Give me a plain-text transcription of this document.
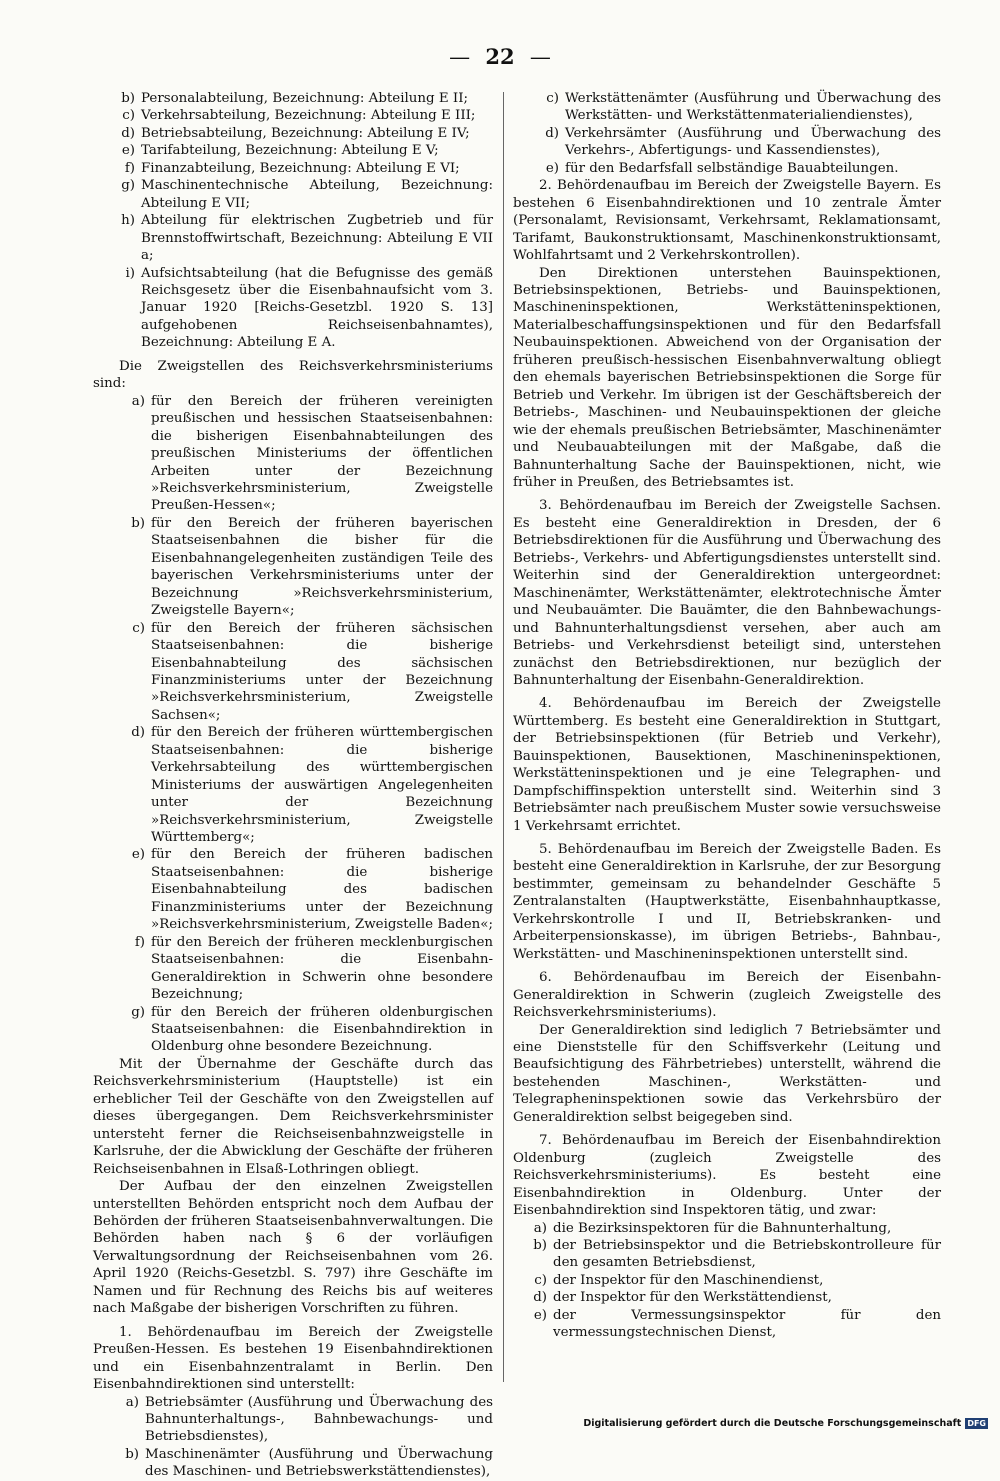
— 22 —
b) Personalabteilung, Bezeichnung: Abteilung E II;
c) Verkehrsabteilung, Bezeichnung: Abteilung E III;
d) Betriebsabteilung, Bezeichnung: Abteilung E IV;
e) Tarifabteilung, Bezeichnung: Abteilung E V;
f) Finanzabteilung, Bezeichnung: Abteilung E VI;
g) Maschinentechnische Abteilung, Bezeichnung: Abteilung E VII;
h) Abteilung für elektrischen Zugbetrieb und für Brennstoffwirtschaft, Bezeichnung: Abteilung E VII a;
i) Aufsichtsabteilung (hat die Befugnisse des gemäß Reichsgesetz über die Eisenbahnaufsicht vom 3. Januar 1920 [Reichs-Gesetzbl. 1920 S. 13] aufgehobenen Reichseisenbahnamtes), Bezeichnung: Abteilung E A.

Die Zweigstellen des Reichsverkehrsministeriums sind:

a) für den Bereich der früheren vereinigten preußischen und hessischen Staatseisenbahnen: die bisherigen Eisenbahnabteilungen des preußischen Ministeriums der öffentlichen Arbeiten unter der Bezeichnung »Reichsverkehrsministerium, Zweigstelle Preußen-Hessen«;
b) für den Bereich der früheren bayerischen Staatseisenbahnen die bisher für die Eisenbahnangelegenheiten zuständigen Teile des bayerischen Verkehrsministeriums unter der Bezeichnung »Reichsverkehrsministerium, Zweigstelle Bayern«;
c) für den Bereich der früheren sächsischen Staatseisenbahnen: die bisherige Eisenbahnabteilung des sächsischen Finanzministeriums unter der Bezeichnung »Reichsverkehrsministerium, Zweigstelle Sachsen«;
d) für den Bereich der früheren württembergischen Staatseisenbahnen: die bisherige Verkehrsabteilung des württembergischen Ministeriums der auswärtigen Angelegenheiten unter der Bezeichnung »Reichsverkehrsministerium, Zweigstelle Württemberg«;
e) für den Bereich der früheren badischen Staatseisenbahnen: die bisherige Eisenbahnabteilung des badischen Finanzministeriums unter der Bezeichnung »Reichsverkehrsministerium, Zweigstelle Baden«;
f) für den Bereich der früheren mecklenburgischen Staatseisenbahnen: die Eisenbahn-Generaldirektion in Schwerin ohne besondere Bezeichnung;
g) für den Bereich der früheren oldenburgischen Staatseisenbahnen: die Eisenbahndirektion in Oldenburg ohne besondere Bezeichnung.

Mit der Übernahme der Geschäfte durch das Reichsverkehrsministerium (Hauptstelle) ist ein erheblicher Teil der Geschäfte von den Zweigstellen auf dieses übergegangen. Dem Reichsverkehrsminister untersteht ferner die Reichseisenbahnzweigstelle in Karlsruhe, der die Abwicklung der Geschäfte der früheren Reichseisenbahnen in Elsaß-Lothringen obliegt.

Der Aufbau der den einzelnen Zweigstellen unterstellten Behörden entspricht noch dem Aufbau der Behörden der früheren Staatseisenbahnverwaltungen. Die Behörden haben nach § 6 der vorläufigen Verwaltungsordnung der Reichseisenbahnen vom 26. April 1920 (Reichs-Gesetzbl. S. 797) ihre Geschäfte im Namen und für Rechnung des Reichs bis auf weiteres nach Maßgabe der bisherigen Vorschriften zu führen.

1. Behördenaufbau im Bereich der Zweigstelle Preußen-Hessen. Es bestehen 19 Eisenbahndirektionen und ein Eisenbahnzentralamt in Berlin. Den Eisenbahndirektionen sind unterstellt:

a) Betriebsämter (Ausführung und Überwachung des Bahnunterhaltungs-, Bahnbewachungs- und Betriebsdienstes),
b) Maschinenämter (Ausführung und Überwachung des Maschinen- und Betriebswerkstättendienstes),
c) Werkstättenämter (Ausführung und Überwachung des Werkstätten- und Werkstättenmaterialiendienstes),
d) Verkehrsämter (Ausführung und Überwachung des Verkehrs-, Abfertigungs- und Kassendienstes),
e) für den Bedarfsfall selbständige Bauabteilungen.

2. Behördenaufbau im Bereich der Zweigstelle Bayern. Es bestehen 6 Eisenbahndirektionen und 10 zentrale Ämter (Personalamt, Revisionsamt, Verkehrsamt, Reklamationsamt, Tarifamt, Baukonstruktionsamt, Maschinenkonstruktionsamt, Wohlfahrtsamt und 2 Verkehrskontrollen).

Den Direktionen unterstehen Bauinspektionen, Betriebsinspektionen, Betriebs- und Bauinspektionen, Maschineninspektionen, Werkstätteninspektionen, Materialbeschaffungsinspektionen und für den Bedarfsfall Neubauinspektionen. Abweichend von der Organisation der früheren preußisch-hessischen Eisenbahnverwaltung obliegt den ehemals bayerischen Betriebsinspektionen die Sorge für Betrieb und Verkehr. Im übrigen ist der Geschäftsbereich der Betriebs-, Maschinen- und Neubauinspektionen der gleiche wie der ehemals preußischen Betriebsämter, Maschinenämter und Neubauabteilungen mit der Maßgabe, daß die Bahnunterhaltung Sache der Bauinspektionen, nicht, wie früher in Preußen, des Betriebsamtes ist.

3. Behördenaufbau im Bereich der Zweigstelle Sachsen. Es besteht eine Generaldirektion in Dresden, der 6 Betriebsdirektionen für die Ausführung und Überwachung des Betriebs-, Verkehrs- und Abfertigungsdienstes unterstellt sind. Weiterhin sind der Generaldirektion untergeordnet: Maschinenämter, Werkstättenämter, elektrotechnische Ämter und Neubauämter. Die Bauämter, die den Bahnbewachungs- und Bahnunterhaltungsdienst versehen, aber auch am Betriebs- und Verkehrsdienst beteiligt sind, unterstehen zunächst den Betriebsdirektionen, nur bezüglich der Bahnunterhaltung der Eisenbahn-Generaldirektion.

4. Behördenaufbau im Bereich der Zweigstelle Württemberg. Es besteht eine Generaldirektion in Stuttgart, der Betriebsinspektionen (für Betrieb und Verkehr), Bauinspektionen, Bausektionen, Maschineninspektionen, Werkstätteninspektionen und je eine Telegraphen- und Dampfschiffinspektion unterstellt sind. Weiterhin sind 3 Betriebsämter nach preußischem Muster sowie versuchsweise 1 Verkehrsamt errichtet.

5. Behördenaufbau im Bereich der Zweigstelle Baden. Es besteht eine Generaldirektion in Karlsruhe, der zur Besorgung bestimmter, gemeinsam zu behandelnder Geschäfte 5 Zentralanstalten (Hauptwerkstätte, Eisenbahnhauptkasse, Verkehrskontrolle I und II, Betriebskranken- und Arbeiterpensionskasse), im übrigen Betriebs-, Bahnbau-, Werkstätten- und Maschineninspektionen unterstellt sind.

6. Behördenaufbau im Bereich der Eisenbahn-Generaldirektion in Schwerin (zugleich Zweigstelle des Reichsverkehrsministeriums).

Der Generaldirektion sind lediglich 7 Betriebsämter und eine Dienststelle für den Schiffsverkehr (Leitung und Beaufsichtigung des Fährbetriebes) unterstellt, während die bestehenden Maschinen-, Werkstätten- und Telegrapheninspektionen sowie das Verkehrsbüro der Generaldirektion selbst beigegeben sind.

7. Behördenaufbau im Bereich der Eisenbahndirektion Oldenburg (zugleich Zweigstelle des Reichsverkehrsministeriums). Es besteht eine Eisenbahndirektion in Oldenburg. Unter der Eisenbahndirektion sind Inspektoren tätig, und zwar:

a) die Bezirksinspektoren für die Bahnunterhaltung,
b) der Betriebsinspektor und die Betriebskontrolleure für den gesamten Betriebsdienst,
c) der Inspektor für den Maschinendienst,
d) der Inspektor für den Werkstättendienst,
e) der Vermessungsinspektor für den vermessungstechnischen Dienst,
Digitalisierung gefördert durch die Deutsche Forschungsgemeinschaft DFG
